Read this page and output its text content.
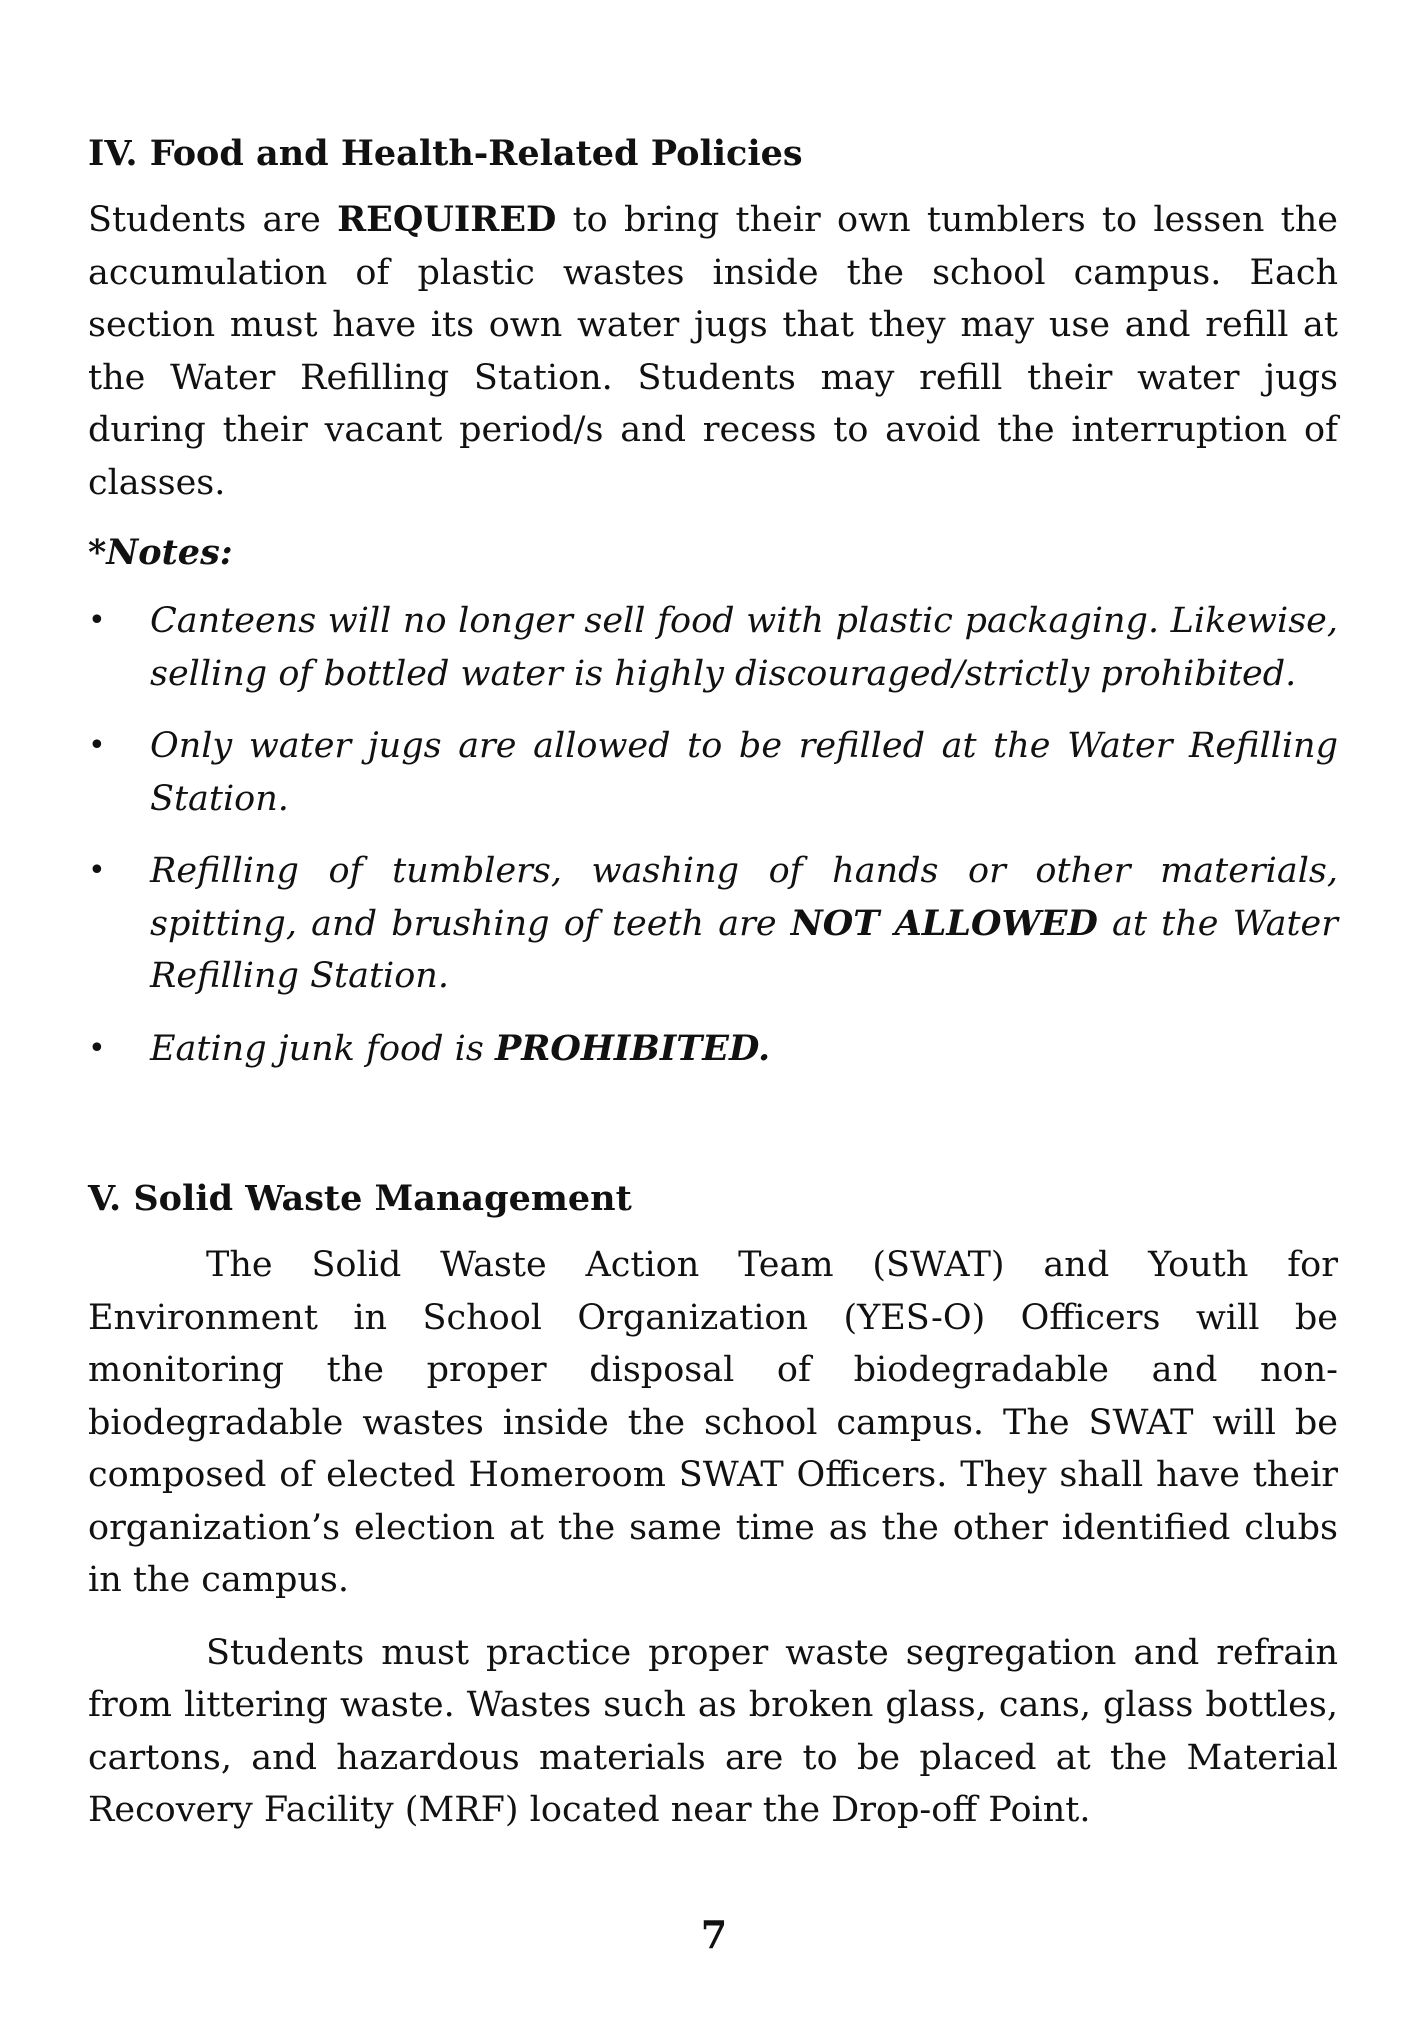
IV. Food and Health-Related Policies

Students are REQUIRED to bring their own tumblers to lessen the accumulation of plastic wastes inside the school campus. Each section must have its own water jugs that they may use and refill at the Water Refilling Station. Students may refill their water jugs during their vacant period/s and recess to avoid the interruption of classes.

*Notes:
• Canteens will no longer sell food with plastic packaging. Likewise, selling of bottled water is highly discouraged/strictly prohibited.
• Only water jugs are allowed to be refilled at the Water Refilling Station.
• Refilling of tumblers, washing of hands or other materials, spitting, and brushing of teeth are NOT ALLOWED at the Water Refilling Station.
• Eating junk food is PROHIBITED.
V. Solid Waste Management

The Solid Waste Action Team (SWAT) and Youth for Environment in School Organization (YES-O) Officers will be monitoring the proper disposal of biodegradable and non-biodegradable wastes inside the school campus. The SWAT will be composed of elected Homeroom SWAT Officers. They shall have their organization’s election at the same time as the other identified clubs in the campus.

Students must practice proper waste segregation and refrain from littering waste. Wastes such as broken glass, cans, glass bottles, cartons, and hazardous materials are to be placed at the Material Recovery Facility (MRF) located near the Drop-off Point.

7
